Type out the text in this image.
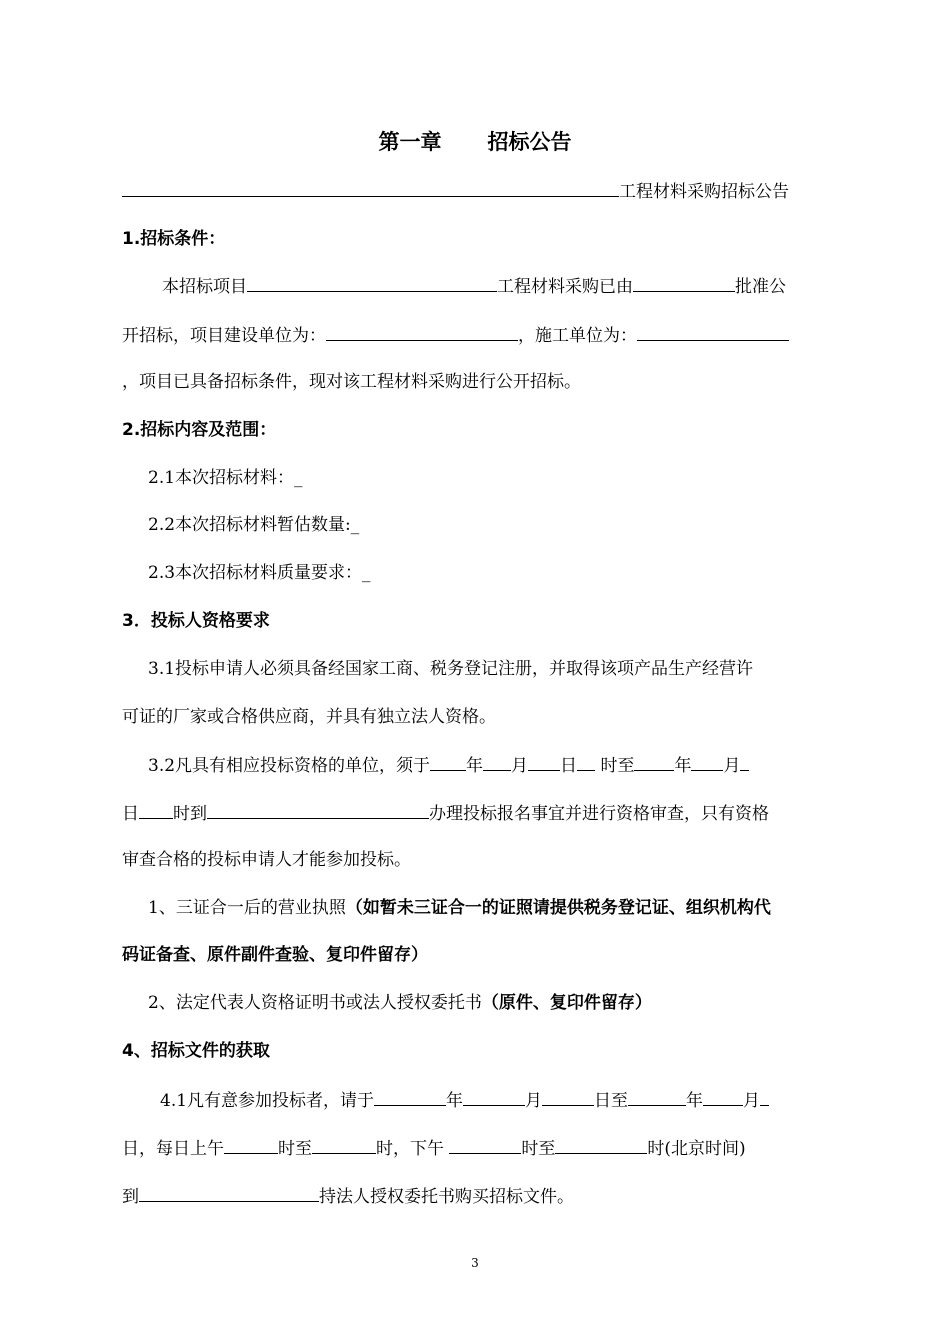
第一章 招标公告
工程材料采购招标公告
1.招标条件：
本招标项目	工程材料采购已由	批准公
开招标，项目建设单位为：	，施工单位为：
，项目已具备招标条件，现对该工程材料采购进行公开招标。
2.招标内容及范围：
2.1本次招标材料：_
2.2本次招标材料暂估数量:_
2.3本次招标材料质量要求：_
3．投标人资格要求
3.1投标申请人必须具备经国家工商、税务登记注册，并取得该项产品生产经营许
可证的厂家或合格供应商，并具有独立法人资格。
3.2凡具有相应投标资格的单位，须于 年 月 日 时至 年 月
日 时到	办理投标报名事宜并进行资格审查，只有资格
审查合格的投标申请人才能参加投标。
1、三证合一后的营业执照（如暂未三证合一的证照请提供税务登记证、组织机构代
码证备查、原件副件查验、复印件留存）
2、法定代表人资格证明书或法人授权委托书（原件、复印件留存）
4、招标文件的获取
4.1凡有意参加投标者，请于	年	月	日至	年 月
日，每日上午	时至	时，下午	时至	时(北京时间)
到	持法人授权委托书购买招标文件。
3
